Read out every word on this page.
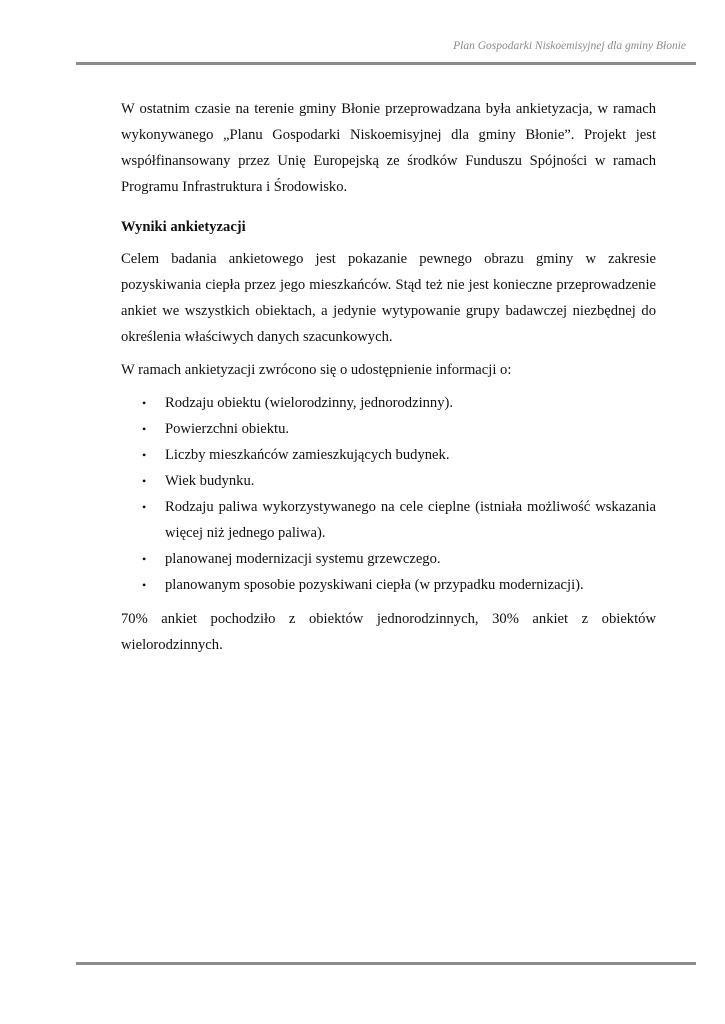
Plan Gospodarki Niskoemisyjnej dla gminy Błonie

W ostatnim czasie na terenie gminy Błonie przeprowadzana była ankietyzacja, w ramach wykonywanego „Planu Gospodarki Niskoemisyjnej dla gminy Błonie”. Projekt jest współfinansowany przez Unię Europejską ze środków Funduszu Spójności w ramach Programu Infrastruktura i Środowisko.

Wyniki ankietyzacji

Celem badania ankietowego jest pokazanie pewnego obrazu gminy w zakresie pozyskiwania ciepła przez jego mieszkańców. Stąd też nie jest konieczne przeprowadzenie ankiet we wszystkich obiektach, a jedynie wytypowanie grupy badawczej niezbędnej do określenia właściwych danych szacunkowych.

W ramach ankietyzacji zwrócono się o udostępnienie informacji o:

• Rodzaju obiektu (wielorodzinny, jednorodzinny).
• Powierzchni obiektu.
• Liczby mieszkańców zamieszkujących budynek.
• Wiek budynku.
• Rodzaju paliwa wykorzystywanego na cele cieplne (istniała możliwość wskazania więcej niż jednego paliwa).
• planowanej modernizacji systemu grzewczego.
• planowanym sposobie pozyskiwani ciepła (w przypadku modernizacji).

70% ankiet pochodziło z obiektów jednorodzinnych, 30% ankiet z obiektów wielorodzinnych.
